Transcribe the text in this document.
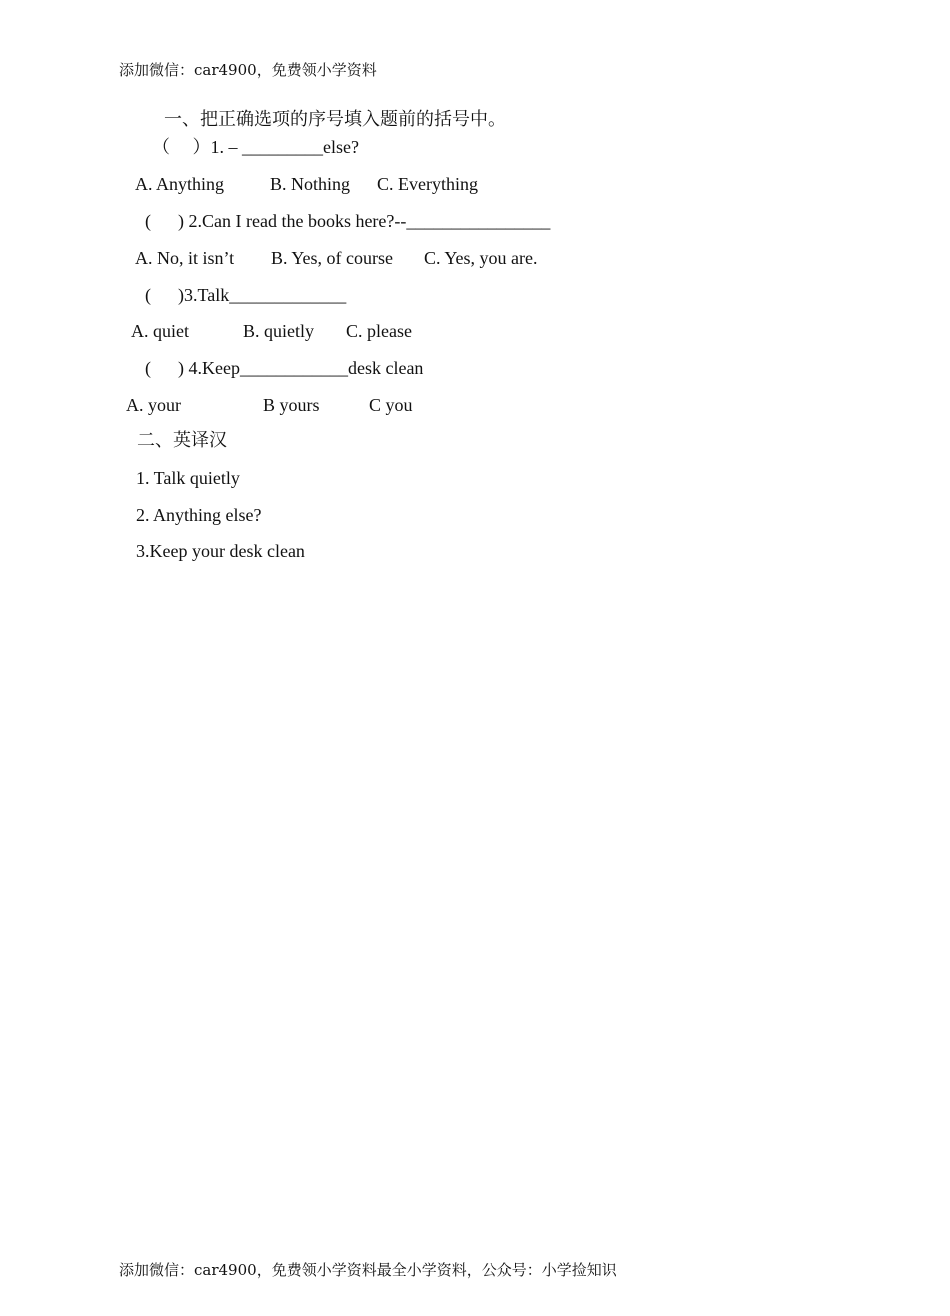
添加微信：car4900，免费领小学资料
一、把正确选项的序号填入题前的括号中。
（　 ）1. – _________else?
A. Anything	B. Nothing C. Everything
(      ) 2.Can I read the books here?--________________
A. No, it isn’t B. Yes, of course C. Yes, you are.
(      )3.Talk_____________
A. quiet	B. quietly C. please
(      ) 4.Keep____________desk clean
A. your	B yours	C you
二、英译汉
1. Talk quietly
2. Anything else?
3.Keep your desk clean
添加微信：car4900，免费领小学资料最全小学资料，公众号：小学捡知识
